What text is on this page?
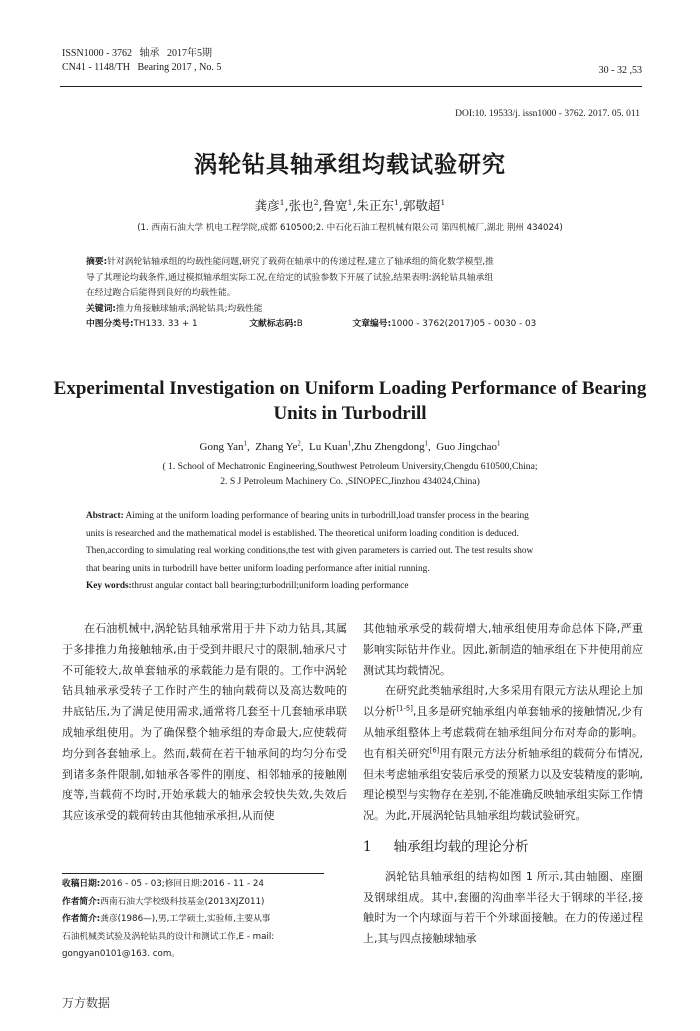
ISSN1000 - 3762 轴承 2017年5期
CN41 - 1148/TH Bearing 2017 , No. 5	30 - 32 ,53
DOI:10. 19533/j. issn1000 - 3762. 2017. 05. 011
涡轮钻具轴承组均载试验研究
龚彦$^1$,张也$^2$,鲁宽$^1$,朱正东$^1$,郭敬超$^1$
(1. 西南石油大学 机电工程学院,成都 610500;2. 中石化石油工程机械有限公司 第四机械厂,湖北 荆州 434024)
摘要:针对涡轮钻轴承组的均载性能问题,研究了载荷在轴承中的传递过程,建立了轴承组的简化数学模型,推
导了其理论均载条件,通过模拟轴承组实际工况,在给定的试验参数下开展了试验,结果表明:涡轮钻具轴承组
在经过跑合后能得到良好的均载性能。
关键词:推力角接触球轴承;涡轮钻具;均载性能
中图分类号:TH133. 33 + 1	文献标志码:B	文章编号:1000 - 3762(2017)05 - 0030 - 03
Experimental Investigation on Uniform Loading Performance of Bearing
Units in Turbodrill
Gong Yan$^1$,  Zhang Ye$^2$,  Lu Kuan$^1$,Zhu Zhengdong$^1$,  Guo Jingchao$^1$
( 1. School of Mechatronic Engineering,Southwest Petroleum University,Chengdu 610500,China;
2. S J Petroleum Machinery Co. ,SINOPEC,Jinzhou 434024,China)
Abstract: Aiming at the uniform loading performance of bearing units in turbodrill,load transfer process in the bearing
units is researched and the mathematical model is established. The theoretical uniform loading condition is deduced.
Then,according to simulating real working conditions,the test with given parameters is carried out. The test results show
that bearing units in turbodrill have better uniform loading performance after initial running.
Key words:thrust angular contact ball bearing;turbodrill;uniform loading performance

在石油机械中,涡轮钻具轴承常用于井下动力钻具,其属于多排推力角接触轴承,由于受到井眼尺寸的限制,轴承尺寸不可能较大,故单套轴承的承载能力是有限的。工作中涡轮钻具轴承承受转子工作时产生的轴向载荷以及高达数吨的井底钻压,为了满足使用需求,通常将几套至十几套轴承串联成轴承组使用。为了确保整个轴承组的寿命最大,应使载荷均分到各套轴承上。然而,载荷在若干轴承间的均匀分布受到诸多条件限制,如轴承各零件的刚度、相邻轴承的接触刚度等,当载荷不均时,开始承载大的轴承会较快失效,失效后其应该承受的载荷转由其他轴承承担,从而使

其他轴承承受的载荷增大,轴承组使用寿命总体下降,严重影响实际钻井作业。因此,新制造的轴承组在下井使用前应测试其均载情况。

在研究此类轴承组时,大多采用有限元方法从理论上加以分析[1-5],且多是研究轴承组内单套轴承的接触情况,少有从轴承组整体上考虑载荷在轴承组间分布对寿命的影响。也有相关研究[6]用有限元方法分析轴承组的载荷分布情况,但未考虑轴承组安装后承受的预紧力以及安装精度的影响,理论模型与实物存在差别,不能准确反映轴承组实际工作情况。为此,开展涡轮钻具轴承组均载试验研究。

1 轴承组均载的理论分析

涡轮钻具轴承组的结构如图 1 所示,其由轴圈、座圈及钢球组成。其中,套圈的沟曲率半径大于钢球的半径,接触时为一个内球面与若干个外球面接触。在力的传递过程上,其与四点接触球轴承

收稿日期:2016 - 05 - 03;修回日期:2016 - 11 - 24
作者简介:西南石油大学校级科技基金(2013XJZ011)
作者简介:龚彦(1986—),男,工学硕士,实验师,主要从事
石油机械类试验及涡轮钻具的设计和测试工作,E - mail:
gongyan0101@163. com。
万方数据
